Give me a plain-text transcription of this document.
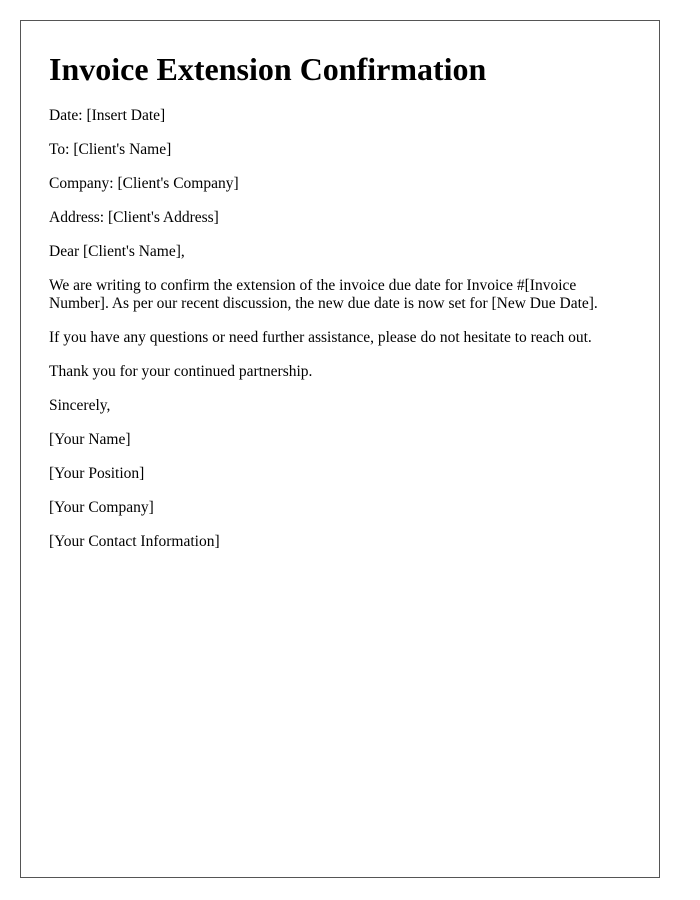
Invoice Extension Confirmation

Date: [Insert Date]

To: [Client's Name]

Company: [Client's Company]

Address: [Client's Address]

Dear [Client's Name],

We are writing to confirm the extension of the invoice due date for Invoice #[Invoice Number]. As per our recent discussion, the new due date is now set for [New Due Date].

If you have any questions or need further assistance, please do not hesitate to reach out.

Thank you for your continued partnership.

Sincerely,

[Your Name]

[Your Position]

[Your Company]

[Your Contact Information]
